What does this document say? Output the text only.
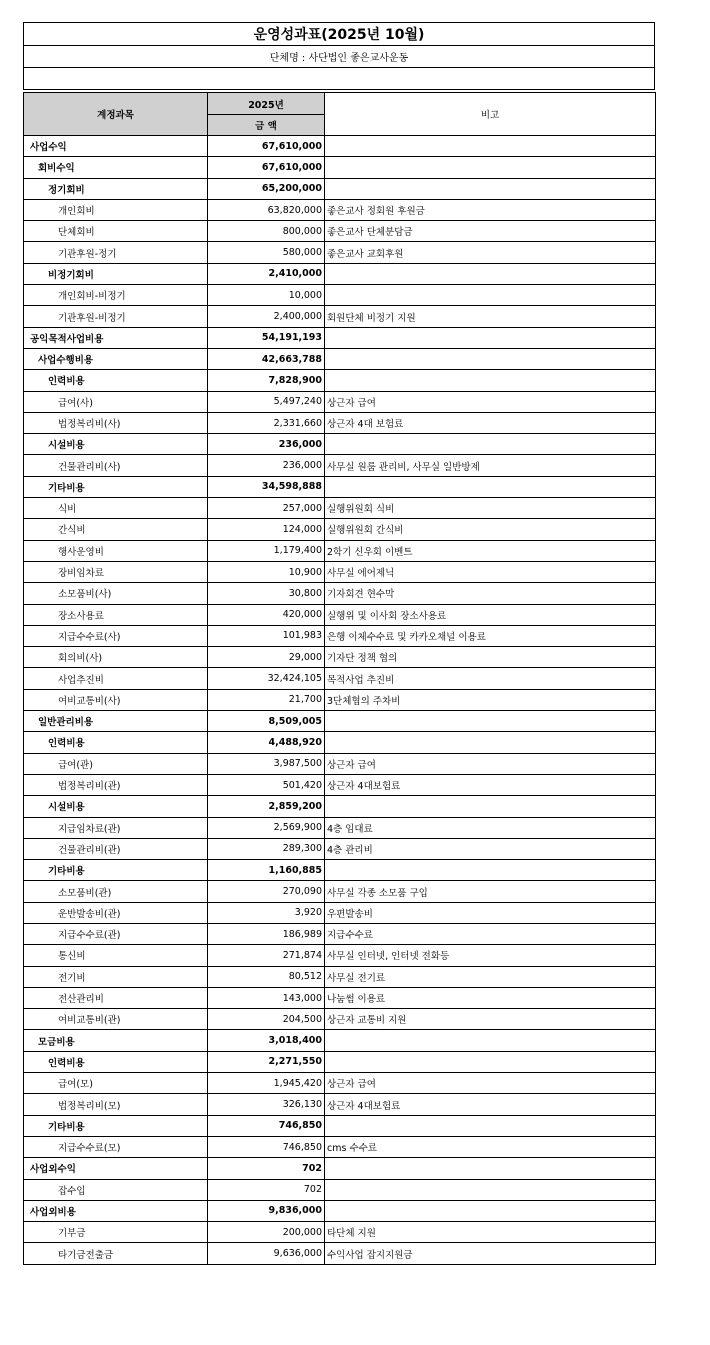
운영성과표(2025년 10월)
단체명 : 사단법인 좋은교사운동
계정과목	2025년	비고
	금 액	
사업수익	67,610,000	
회비수익	67,610,000	
정기회비	65,200,000	
개인회비	63,820,000	좋은교사 정회원 후원금
단체회비	800,000	좋은교사 단체분담금
기관후원-정기	580,000	좋은교사 교회후원
비정기회비	2,410,000	
개인회비-비정기	10,000	
기관후원-비정기	2,400,000	회원단체 비정기 지원
공익목적사업비용	54,191,193	
사업수행비용	42,663,788	
인력비용	7,828,900	
급여(사)	5,497,240	상근자 급여
법정복리비(사)	2,331,660	상근자 4대 보험료
시설비용	236,000	
건물관리비(사)	236,000	사무실 원룸 관리비, 사무실 일반방제
기타비용	34,598,888	
식비	257,000	실행위원회 식비
간식비	124,000	실행위원회 간식비
행사운영비	1,179,400	2학기 신우회 이벤트
장비임차료	10,900	사무실 에어제닉
소모품비(사)	30,800	기자회견 현수막
장소사용료	420,000	실행위 및 이사회 장소사용료
지급수수료(사)	101,983	은행 이체수수료 및 카카오채널 이용료
회의비(사)	29,000	기자단 정책 협의
사업추진비	32,424,105	목적사업 추진비
여비교통비(사)	21,700	3단체협의 주차비
일반관리비용	8,509,005	
인력비용	4,488,920	
급여(관)	3,987,500	상근자 급여
법정복리비(관)	501,420	상근자 4대보험료
시설비용	2,859,200	
지급임차료(관)	2,569,900	4층 임대료
건물관리비(관)	289,300	4층 관리비
기타비용	1,160,885	
소모품비(관)	270,090	사무실 각종 소모품 구입
운반발송비(관)	3,920	우편발송비
지급수수료(관)	186,989	지급수수료
통신비	271,874	사무실 인터넷, 인터넷 전화등
전기비	80,512	사무실 전기료
전산관리비	143,000	나눔썸 이용료
여비교통비(관)	204,500	상근자 교통비 지원
모금비용	3,018,400	
인력비용	2,271,550	
급여(모)	1,945,420	상근자 급여
법정복리비(모)	326,130	상근자 4대보험료
기타비용	746,850	
지급수수료(모)	746,850	cms 수수료
사업외수익	702	
잡수입	702	
사업외비용	9,836,000	
기부금	200,000	타단체 지원
타기금전출금	9,636,000	수익사업 잡지지원금
